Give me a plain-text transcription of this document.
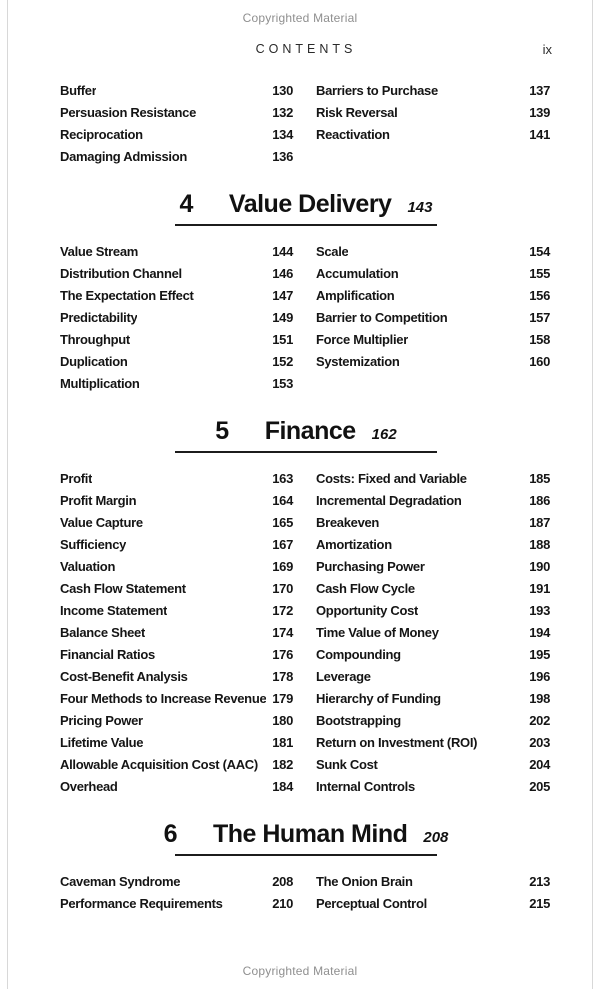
Copyrighted Material
CONTENTS	ix
Buffer	130
Persuasion Resistance	132
Reciprocation	134
Damaging Admission	136
Barriers to Purchase	137
Risk Reversal	139
Reactivation	141
4 Value Delivery 143
Value Stream	144
Distribution Channel	146
The Expectation Effect	147
Predictability	149
Throughput	151
Duplication	152
Multiplication	153
Scale	154
Accumulation	155
Amplification	156
Barrier to Competition	157
Force Multiplier	158
Systemization	160
5 Finance 162
Profit	163
Profit Margin	164
Value Capture	165
Sufficiency	167
Valuation	169
Cash Flow Statement	170
Income Statement	172
Balance Sheet	174
Financial Ratios	176
Cost-Benefit Analysis	178
Four Methods to Increase Revenue 179
Pricing Power	180
Lifetime Value	181
Allowable Acquisition Cost (AAC) 182
Overhead	184
Costs: Fixed and Variable	185
Incremental Degradation	186
Breakeven	187
Amortization	188
Purchasing Power	190
Cash Flow Cycle	191
Opportunity Cost	193
Time Value of Money	194
Compounding	195
Leverage	196
Hierarchy of Funding	198
Bootstrapping	202
Return on Investment (ROI)	203
Sunk Cost	204
Internal Controls	205
6 The Human Mind 208
Caveman Syndrome	208
Performance Requirements	210
The Onion Brain	213
Perceptual Control	215
Copyrighted Material
